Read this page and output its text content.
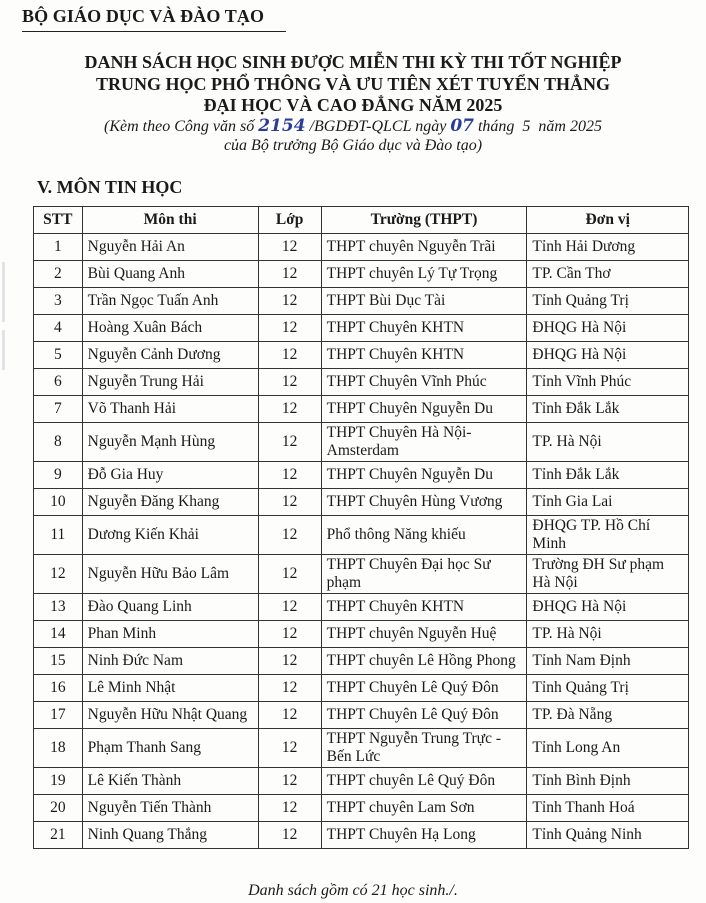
BỘ GIÁO DỤC VÀ ĐÀO TẠO
DANH SÁCH HỌC SINH ĐƯỢC MIỄN THI KỲ THI TỐT NGHIỆP
TRUNG HỌC PHỔ THÔNG VÀ ƯU TIÊN XÉT TUYỂN THẲNG
ĐẠI HỌC VÀ CAO ĐẲNG NĂM 2025
(Kèm theo Công văn số 2154 /BGDĐT-QLCL ngày 07 tháng  5  năm 2025
của Bộ trưởng Bộ Giáo dục và Đào tạo)
V. MÔN TIN HỌC
STT	Môn thi	Lớp	Trường (THPT)	Đơn vị
1	Nguyễn Hải An	12	THPT chuyên Nguyễn Trãi	Tỉnh Hải Dương
2	Bùi Quang Anh	12	THPT chuyên Lý Tự Trọng	TP. Cần Thơ
3	Trần Ngọc Tuấn Anh	12	THPT Bùi Dục Tài	Tỉnh Quảng Trị
4	Hoàng Xuân Bách	12	THPT Chuyên KHTN	ĐHQG Hà Nội
5	Nguyễn Cảnh Dương	12	THPT Chuyên KHTN	ĐHQG Hà Nội
6	Nguyễn Trung Hải	12	THPT Chuyên Vĩnh Phúc	Tỉnh Vĩnh Phúc
7	Võ Thanh Hải	12	THPT Chuyên Nguyễn Du	Tỉnh Đắk Lắk
8	Nguyễn Mạnh Hùng	12	THPT Chuyên Hà Nội-Amsterdam	TP. Hà Nội
9	Đỗ Gia Huy	12	THPT Chuyên Nguyễn Du	Tỉnh Đắk Lắk
10	Nguyễn Đăng Khang	12	THPT Chuyên Hùng Vương	Tỉnh Gia Lai
11	Dương Kiến Khải	12	Phổ thông Năng khiếu	ĐHQG TP. Hồ Chí Minh
12	Nguyễn Hữu Bảo Lâm	12	THPT Chuyên Đại học Sư phạm	Trường ĐH Sư phạm Hà Nội
13	Đào Quang Linh	12	THPT Chuyên KHTN	ĐHQG Hà Nội
14	Phan Minh	12	THPT chuyên Nguyễn Huệ	TP. Hà Nội
15	Ninh Đức Nam	12	THPT chuyên Lê Hồng Phong	Tỉnh Nam Định
16	Lê Minh Nhật	12	THPT Chuyên Lê Quý Đôn	Tỉnh Quảng Trị
17	Nguyễn Hữu Nhật Quang	12	THPT Chuyên Lê Quý Đôn	TP. Đà Nẵng
18	Phạm Thanh Sang	12	THPT Nguyễn Trung Trực - Bến Lức	Tỉnh Long An
19	Lê Kiến Thành	12	THPT chuyên Lê Quý Đôn	Tỉnh Bình Định
20	Nguyễn Tiến Thành	12	THPT chuyên Lam Sơn	Tỉnh Thanh Hoá
21	Ninh Quang Thắng	12	THPT Chuyên Hạ Long	Tỉnh Quảng Ninh
Danh sách gồm có 21 học sinh./.
